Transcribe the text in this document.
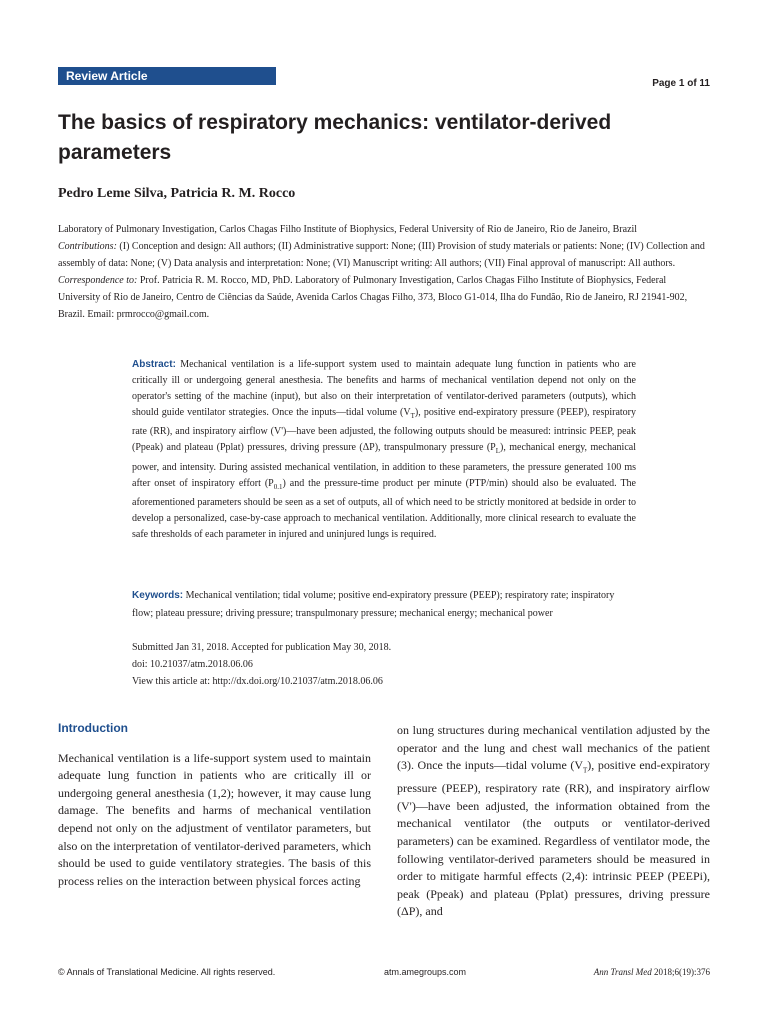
Review Article
Page 1 of 11
The basics of respiratory mechanics: ventilator-derived parameters
Pedro Leme Silva, Patricia R. M. Rocco

Laboratory of Pulmonary Investigation, Carlos Chagas Filho Institute of Biophysics, Federal University of Rio de Janeiro, Rio de Janeiro, Brazil

Contributions: (I) Conception and design: All authors; (II) Administrative support: None; (III) Provision of study materials or patients: None; (IV) Collection and assembly of data: None; (V) Data analysis and interpretation: None; (VI) Manuscript writing: All authors; (VII) Final approval of manuscript: All authors.

Correspondence to: Prof. Patricia R. M. Rocco, MD, PhD. Laboratory of Pulmonary Investigation, Carlos Chagas Filho Institute of Biophysics, Federal University of Rio de Janeiro, Centro de Ciências da Saúde, Avenida Carlos Chagas Filho, 373, Bloco G1-014, Ilha do Fundão, Rio de Janeiro, RJ 21941-902, Brazil. Email: prmrocco@gmail.com.

Abstract: Mechanical ventilation is a life-support system used to maintain adequate lung function in patients who are critically ill or undergoing general anesthesia. The benefits and harms of mechanical ventilation depend not only on the operator's setting of the machine (input), but also on their interpretation of ventilator-derived parameters (outputs), which should guide ventilator strategies. Once the inputs—tidal volume $(V_T)$, positive end-expiratory pressure (PEEP), respiratory rate (RR), and inspiratory airflow (V')—have been adjusted, the following outputs should be measured: intrinsic PEEP, peak (Ppeak) and plateau (Pplat) pressures, driving pressure (ΔP), transpulmonary pressure $(P_L)$, mechanical energy, mechanical power, and intensity. During assisted mechanical ventilation, in addition to these parameters, the pressure generated 100 ms after onset of inspiratory effort $(P_{0.1})$ and the pressure-time product per minute (PTP/min) should also be evaluated. The aforementioned parameters should be seen as a set of outputs, all of which need to be strictly monitored at bedside in order to develop a personalized, case-by-case approach to mechanical ventilation. Additionally, more clinical research to evaluate the safe thresholds of each parameter in injured and uninjured lungs is required.

Keywords: Mechanical ventilation; tidal volume; positive end-expiratory pressure (PEEP); respiratory rate; inspiratory flow; plateau pressure; driving pressure; transpulmonary pressure; mechanical energy; mechanical power

Submitted Jan 31, 2018. Accepted for publication May 30, 2018.
doi: 10.21037/atm.2018.06.06
View this article at: http://dx.doi.org/10.21037/atm.2018.06.06

Introduction

Mechanical ventilation is a life-support system used to maintain adequate lung function in patients who are critically ill or undergoing general anesthesia (1,2); however, it may cause lung damage. The benefits and harms of mechanical ventilation depend not only on the adjustment of ventilator parameters, but also on the interpretation of ventilator-derived parameters, which should be used to guide ventilatory strategies. The basis of this process relies on the interaction between physical forces acting

on lung structures during mechanical ventilation adjusted by the operator and the lung and chest wall mechanics of the patient (3). Once the inputs—tidal volume $(V_T)$, positive end-expiratory pressure (PEEP), respiratory rate (RR), and inspiratory airflow (V')—have been adjusted, the information obtained from the mechanical ventilator (the outputs or ventilator-derived parameters) can be examined. Regardless of ventilator mode, the following ventilator-derived parameters should be measured in order to mitigate harmful effects (2,4): intrinsic PEEP (PEEPi), peak (Ppeak) and plateau (Pplat) pressures, driving pressure (ΔP), and

© Annals of Translational Medicine. All rights reserved.	atm.amegroups.com	Ann Transl Med 2018;6(19):376
